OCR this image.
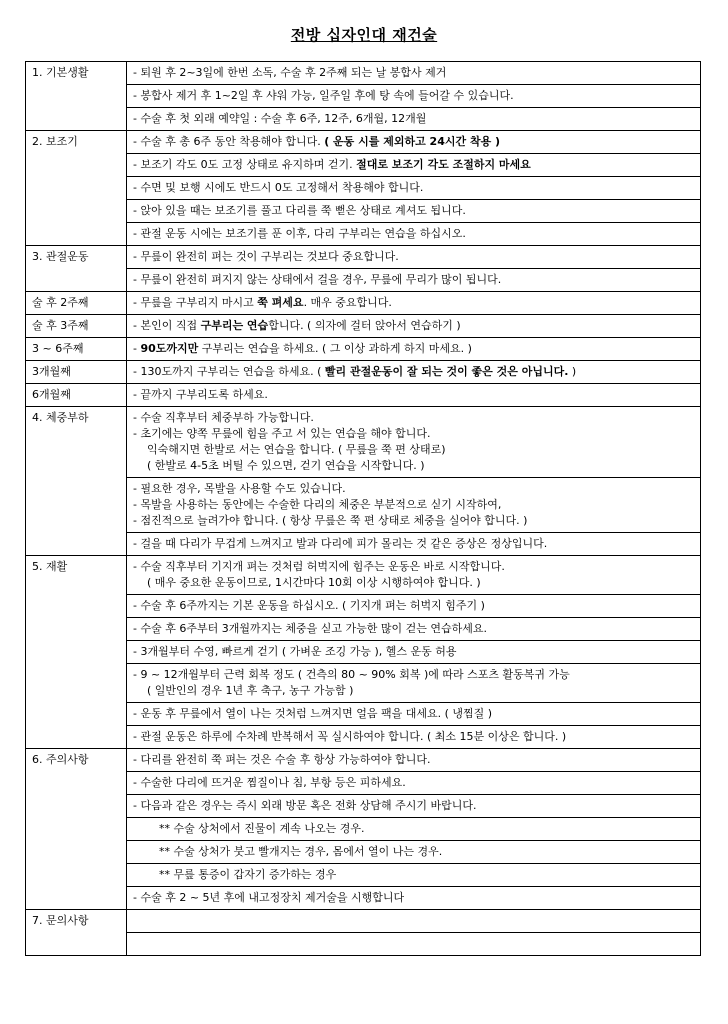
전방 십자인대 재건술
1. 기본생활	- 퇴원 후 2~3일에 한번 소독, 수술 후 2주째 되는 날 봉합사 제거

	- 봉합사 제거 후 1~2일 후 샤워 가능, 일주일 후에 탕 속에 들어갈 수 있습니다.

	- 수술 후 첫 외래 예약일 : 수술 후 6주, 12주, 6개월, 12개월

2. 보조기	- 수술 후 총 6주 동안 착용해야 합니다. ( 운동 시를 제외하고 24시간 착용 )

	- 보조기 각도 0도 고정 상태로 유지하며 걷기. 절대로 보조기 각도 조절하지 마세요

	- 수면 및 보행 시에도 반드시 0도 고정해서 착용해야 합니다.

	- 앉아 있을 때는 보조기를 풀고 다리를 쭉 뻗은 상태로 계셔도 됩니다.

	- 관절 운동 시에는 보조기를 푼 이후, 다리 구부리는 연습을 하십시오.

3. 관절운동	- 무릎이 완전히 펴는 것이 구부리는 것보다 중요합니다.

	- 무릎이 완전히 펴지지 않는 상태에서 걸을 경우, 무릎에 무리가 많이 됩니다.

술 후 2주째	- 무릎을 구부리지 마시고 쭉 펴세요. 매우 중요합니다.

술 후 3주째	- 본인이 직접 구부리는 연습합니다. ( 의자에 걸터 앉아서 연습하기 )

3 ~ 6주째	- 90도까지만 구부리는 연습을 하세요. ( 그 이상 과하게 하지 마세요. )

3개월째	- 130도까지 구부리는 연습을 하세요. ( 빨리 관절운동이 잘 되는 것이 좋은 것은 아닙니다. )

6개월째	- 끝까지 구부리도록 하세요.

4. 체중부하	- 수술 직후부터 체중부하 가능합니다.
- 초기에는 양쪽 무릎에 힘을 주고 서 있는 연습을 해야 합니다.
익숙해지면 한발로 서는 연습을 합니다. ( 무릎을 쭉 편 상태로)
( 한발로 4-5초 버틸 수 있으면, 걷기 연습을 시작합니다. )

	- 필요한 경우, 목발을 사용할 수도 있습니다.
- 목발을 사용하는 동안에는 수술한 다리의 체중은 부분적으로 싣기 시작하여,
- 점진적으로 늘려가야 합니다. ( 항상 무릎은 쭉 편 상태로 체중을 실어야 합니다. )

	- 걸을 때 다리가 무겁게 느껴지고 발과 다리에 피가 몰리는 것 같은 증상은 정상입니다.

5. 재활	- 수술 직후부터 기지개 펴는 것처럼 허벅지에 힘주는 운동은 바로 시작합니다.
( 매우 중요한 운동이므로, 1시간마다 10회 이상 시행하여야 합니다. )

	- 수술 후 6주까지는 기본 운동을 하십시오. ( 기지개 펴는 허벅지 힘주기 )

	- 수술 후 6주부터 3개월까지는 체중을 싣고 가능한 많이 걷는 연습하세요.

	- 3개월부터 수영, 빠르게 걷기 ( 가벼운 조깅 가능 ), 헬스 운동 허용

	- 9 ~ 12개월부터 근력 회복 정도 ( 건측의 80 ~ 90% 회복 )에 따라 스포츠 활동복귀 가능
( 일반인의 경우 1년 후 축구, 농구 가능함 )

	- 운동 후 무릎에서 열이 나는 것처럼 느껴지면 얼음 팩을 대세요. ( 냉찜질 )

	- 관절 운동은 하루에 수차례 반복해서 꼭 실시하여야 합니다. ( 최소 15분 이상은 합니다. )

6. 주의사항	- 다리를 완전히 쭉 펴는 것은 수술 후 항상 가능하여야 합니다.

	- 수술한 다리에 뜨거운 찜질이나 침, 부항 등은 피하세요.

	- 다음과 같은 경우는 즉시 외래 방문 혹은 전화 상담해 주시기 바랍니다.

	** 수술 상처에서 진물이 계속 나오는 경우.

	** 수술 상처가 붓고 빨개지는 경우, 몸에서 열이 나는 경우.

	** 무릎 통증이 갑자기 증가하는 경우

	- 수술 후 2 ~ 5년 후에 내고정장치 제거술을 시행합니다

7. 문의사항	
